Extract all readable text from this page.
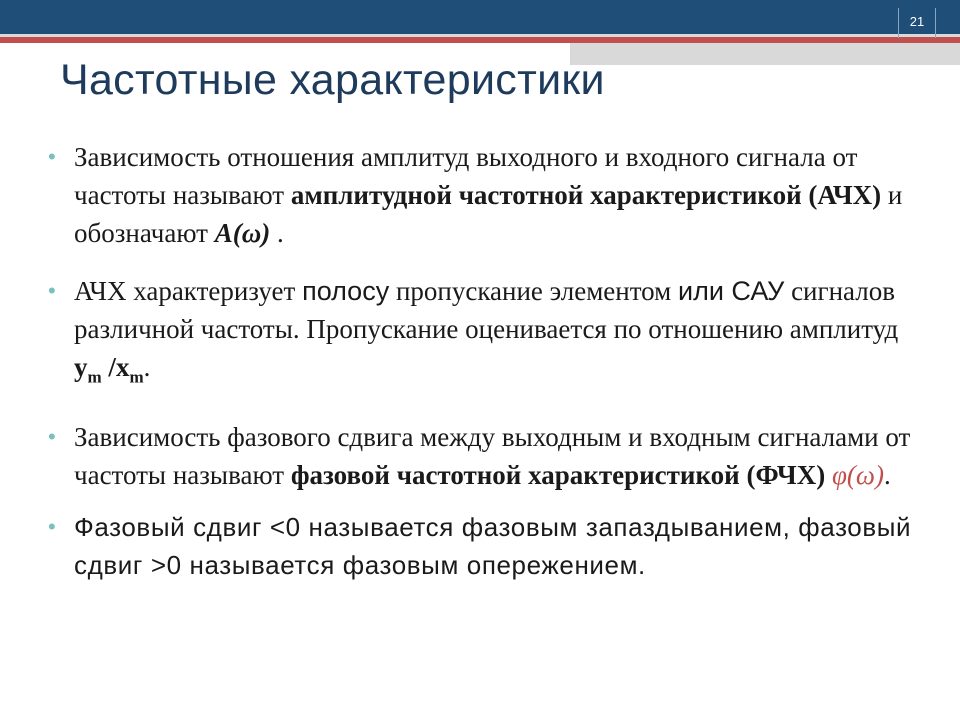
21
Частотные характеристики
• Зависимость отношения амплитуд выходного и входного сигнала от частоты называют амплитудной частотной характеристикой (АЧХ) и обозначают A(ω) .
• АЧХ характеризует полосу пропускание элементом или САУ сигналов различной частоты. Пропускание оценивается по отношению амплитуд $y_m$ $/x_m$.
• Зависимость фазового сдвига между выходным и входным сигналами от частоты называют фазовой частотной характеристикой (ФЧХ) φ(ω).
• Фазовый сдвиг <0 называется фазовым запаздыванием, фазовый сдвиг >0 называется фазовым опережением.
